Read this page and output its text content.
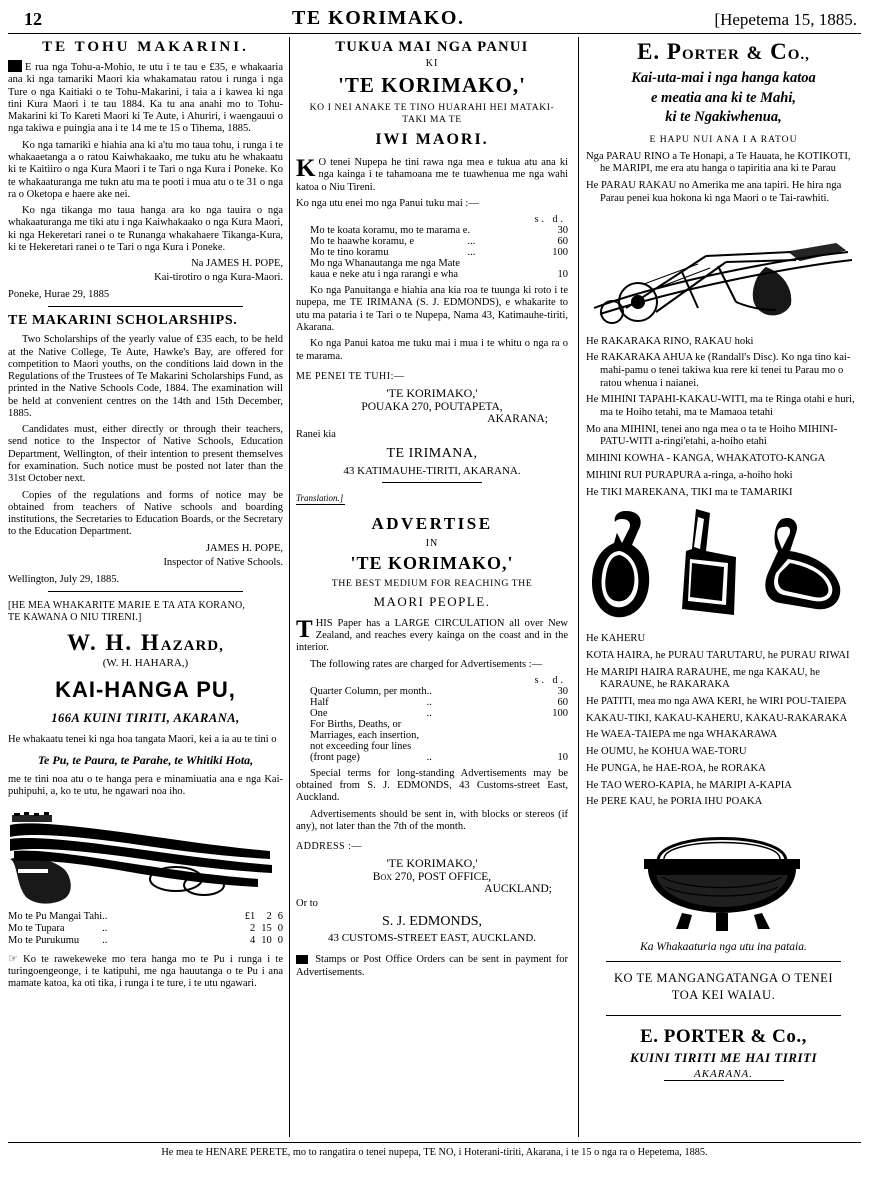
12	TE KORIMAKO.	[Hepetema 15, 1885.
TE TOHU MAKARINI.

E rua nga Tohu-a-Mohio, te utu i te tau e £35, e whakaaria ana ki nga tamariki Maori kia whakamatau ratou i runga i nga Ture o nga Kaitiaki o te Tohu-Makarini, i taia a i kawea ki nga tini Kura Maori i te tau 1884. Ka tu ana anahi mo to Tohu-Makarini ki To Kareti Maori ki Te Aute, i Ahuriri, i waengauui o nga takiwa e puingia ana i te 14 me te 15 o Tihema, 1885.

Ko nga tamariki e hiahia ana ki a'tu mo taua tohu, i runga i te whakaaetanga a o ratou Kaiwhakaako, me tuku atu he whakaatu ki te Kaitiiro o nga Kura Maori i te Tari o nga Kura i Poneke. Ko te whakaaturanga me tukn atu ma te pooti i mua atu o te 31 o nga ra o Oketopa e haere ake nei.

Ko nga tikanga mo taua hanga ara ko nga tauira o nga whakaaturanga me tiki atu i nga Kaiwhakaako o nga Kura Maori, ki nga Hekeretari ranei o te Runanga whakahaere Tikanga-Kura, ki te Hekeretari ranei o te Tari o nga Kura i Poneke.

Na JAMES H. POPE,
Kai-tirotiro o nga Kura-Maori.
Poneke, Hurae 29, 1885
TE MAKARINI SCHOLARSHIPS.

Two Scholarships of the yearly value of £35 each, to be held at the Native College, Te Aute, Hawke's Bay, are offered for competition to Maori youths, on the conditions laid down in the Regulations of the Trustees of Te Makarini Scholarships Fund, as printed in the Native Schools Code, 1884. The examination will be held at convenient centres on the 14th and 15th December, 1885.

Candidates must, either directly or through their teachers, send notice to the Inspector of Native Schools, Education Department, Wellington, of their intention to present themselves for examination. Such notice must be posted not later than the 31st October next.

Copies of the regulations and forms of notice may be obtained from teachers of Native schools and boarding institutions, the Secretaries to Education Boards, or the Secretary to the Education Department.

JAMES H. POPE,
Inspector of Native Schools.
Wellington, July 29, 1885.
[HE MEA WHAKARITE MARIE E TA ATA KORANO,
TE KAWANA O NIU TIRENI.]
W. H. HAZARD,
(W. H. HAHARA,)
KAI-HANGA PU,
166A KUINI TIRITI, AKARANA,

He whakaatu tenei ki nga hoa tangata Maori, kei a ia au te tini o

Te Pu, te Paura, te Parahe, te Whitiki Hota,

me te tini noa atu o te hanga pera e minamiuatia ana e nga Kai-puhipuhi, a, ko te utu, he ngawari noa iho.

Mo te Pu Mangai Tahi	..	£1	2	6
Mo te Tupara	..	2	15	0
Mo te Purukumu	..	4	10	0

☞ Ko te rawekeweke mo tera hanga mo te Pu i runga i te turingoengeonge, i te katipuhi, me nga hauutanga o te Pu i ana mamate katoa, ka oti tika, i runga i te ture, i te utu ngawari.

TUKUA MAI NGA PANUI
KI
'TE KORIMAKO,'
KO I NEI ANAKE TE TINO HUARAHI HEI MATAKI-
TAKI MA TE
IWI MAORI.

K O tenei Nupepa he tini rawa nga mea e tukua atu ana ki nga kainga i te tahamoana me te tuawhenua me nga wahi katoa o Niu Tireni.

Ko nga utu enei mo nga Panui tuku mai :—

s. d.
Mo te koata koramu, mo te marama e	.	3	0
Mo te haawhe koramu, e	...	6	0
Mo te tino koramu	...	10	0
Mo nga Whanautanga me nga Mate kaua e neke atu i nga rarangi e wha		1	0

Ko nga Panuitanga e hiahia ana kia roa te tuunga ki roto i te nupepa, me TE IRIMANA (S. J. EDMONDS), e whakarite to utu ma pataria i te Tari o te Nupepa, Nama 43, Katimauhe-tiriti, Akarana.

Ko nga Panui katoa me tuku mai i mua i te whitu o nga ra o te marama.

ME PENEI TE TUHI:—
'TE KORIMAKO,'
POUAKA 270, POUTAPETA,
AKARANA;
Ranei kia
TE IRIMANA,
43 KATIMAUHE-TIRITI, AKARANA.
Translation.]
ADVERTISE
IN
'TE KORIMAKO,'
THE BEST MEDIUM FOR REACHING THE
MAORI PEOPLE.

THIS Paper has a LARGE CIRCULATION all over New Zealand, and reaches every kainga on the coast and in the interior.

The following rates are charged for Advertisements :—

s. d.
Quarter Column, per month	..	3	0
Half	..	6	0
One	..	10	0
For Births, Deaths, or Marriages, each insertion, not exceeding four lines (front page)	..	1	0

Special terms for long-standing Advertisements may be obtained from S. J. EDMONDS, 43 Customs-street East, Auckland.

Advertisements should be sent in, with blocks or stereos (if any), not later than the 7th of the month.

ADDRESS :—
'TE KORIMAKO,'
Box 270, POST OFFICE,
AUCKLAND;
Or to
S. J. EDMONDS,
43 CUSTOMS-STREET EAST, AUCKLAND.

Stamps or Post Office Orders can be sent in payment for Advertisements.

E. PORTER & CO.,
Kai-uta-mai i nga hanga katoa
e meatia ana ki te Mahi,
ki te Ngakiwhenua,
E HAPU NUI ANA I A RATOU

Nga PARAU RINO a Te Honapi, a Te Hauata, he KOTIKOTI, he MARIPI, me era atu hanga o tapiritia ana ki te Parau

He PARAU RAKAU no Amerika me ana tapiri. He hira nga Parau penei kua hokona ki nga Maori o te Tai-rawhiti.

He RAKARAKA RINO, RAKAU hoki

He RAKARAKA AHUA ke (Randall's Disc). Ko nga tino kai-mahi-pamu o tenei takiwa kua rere ki tenei tu Parau mo o ratou whenua i naianei.

He MIHINI TAPAHI-KAKAU-WITI, ma te Ringa otahi e huri, ma te Hoiho tetahi, ma te Mamaoa tetahi

Mo ana MIHINI, tenei ano nga mea o ta te Hoiho MIHINI-PATU-WITI a-ringi'etahi, a-hoiho etahi

MIHINI KOWHA - KANGA, WHAKATOTO-KANGA

MIHINI RUI PURAPURA a-ringa, a-hoiho hoki

He TIKI MAREKANA, TIKI ma te TAMARIKI

He KAHERU

KOTA HAIRA, he PURAU TARUTARU, he PURAU RIWAI

He MARIPI HAIRA RARAUHE, me nga KAKAU, he KARAUNE, he RAKARAKA

He PATITI, mea mo nga AWA KERI, he WIRI POU-TAIEPA

KAKAU-TIKI, KAKAU-KAHERU, KAKAU-RAKARAKA

He WAEA-TAIEPA me nga WHAKARAWA

He OUMU, he KOHUA WAE-TORU

He PUNGA, he HAE-ROA, he RORAKA

He TAO WERO-KAPIA, he MARIPI A-KAPIA

He PERE KAU, he PORIA IHU POAKA

Ka Whakaaturia nga utu ina pataia.
KO TE MANGANGATANGA O TENEI
TOA KEI WAIAU.
E. PORTER & Co.,
KUINI TIRITI ME HAI TIRITI
AKARANA.
He mea te HENARE PERETE, mo to rangatira o tenei nupepa, TE NO, i Hoterani-tiriti, Akarana, i te 15 o nga ra o Hepetema, 1885.
